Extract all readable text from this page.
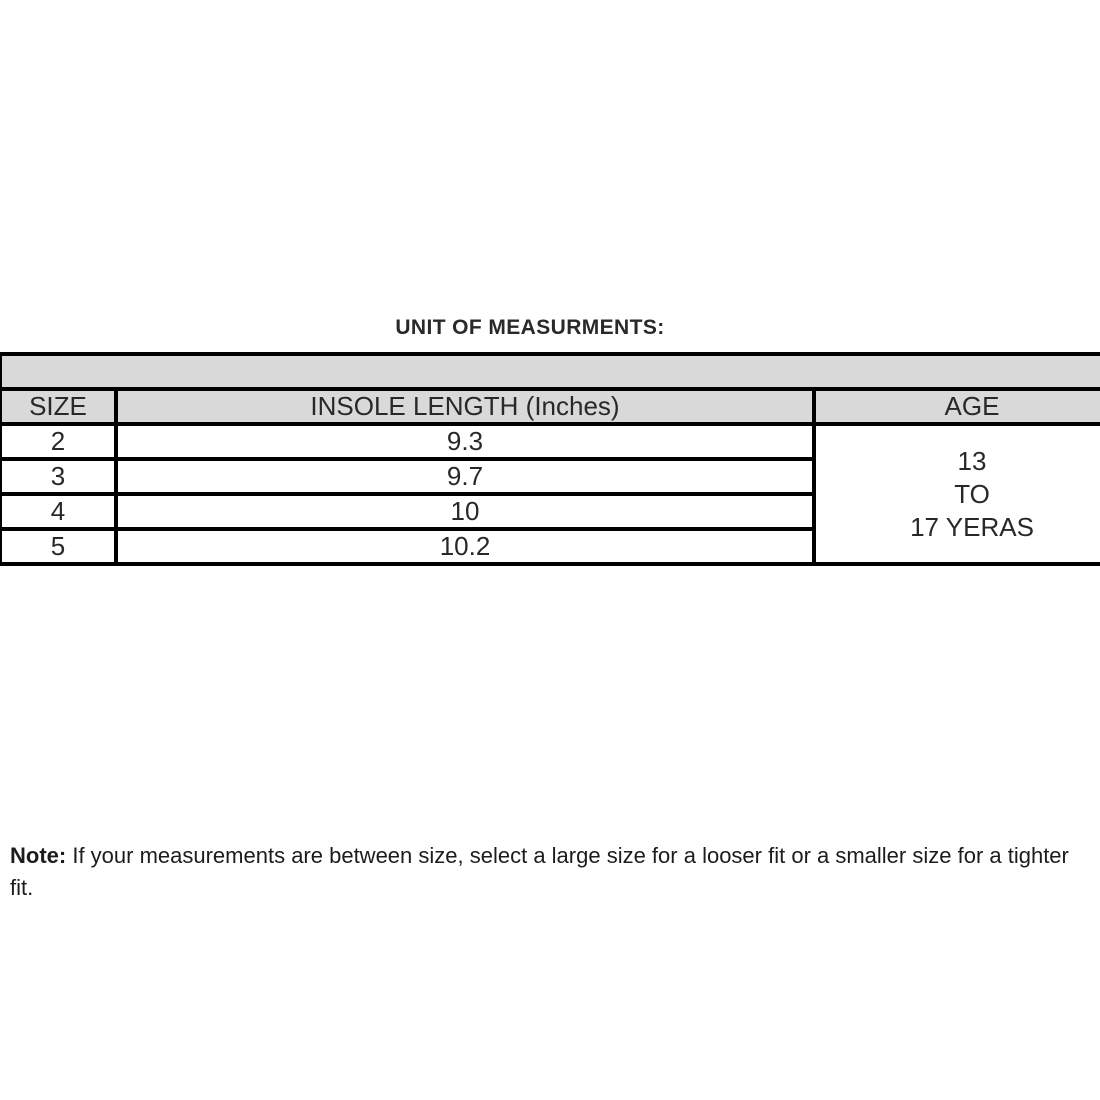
UNIT OF MEASURMENTS:

SIZE	INSOLE LENGTH (Inches)	AGE
2	9.3	13
TO
17 YERAS

3	9.7	
4	10	
5	10.2	
Note: If your measurements are between size, select a large size for a looser fit or a smaller size for a tighter fit.
